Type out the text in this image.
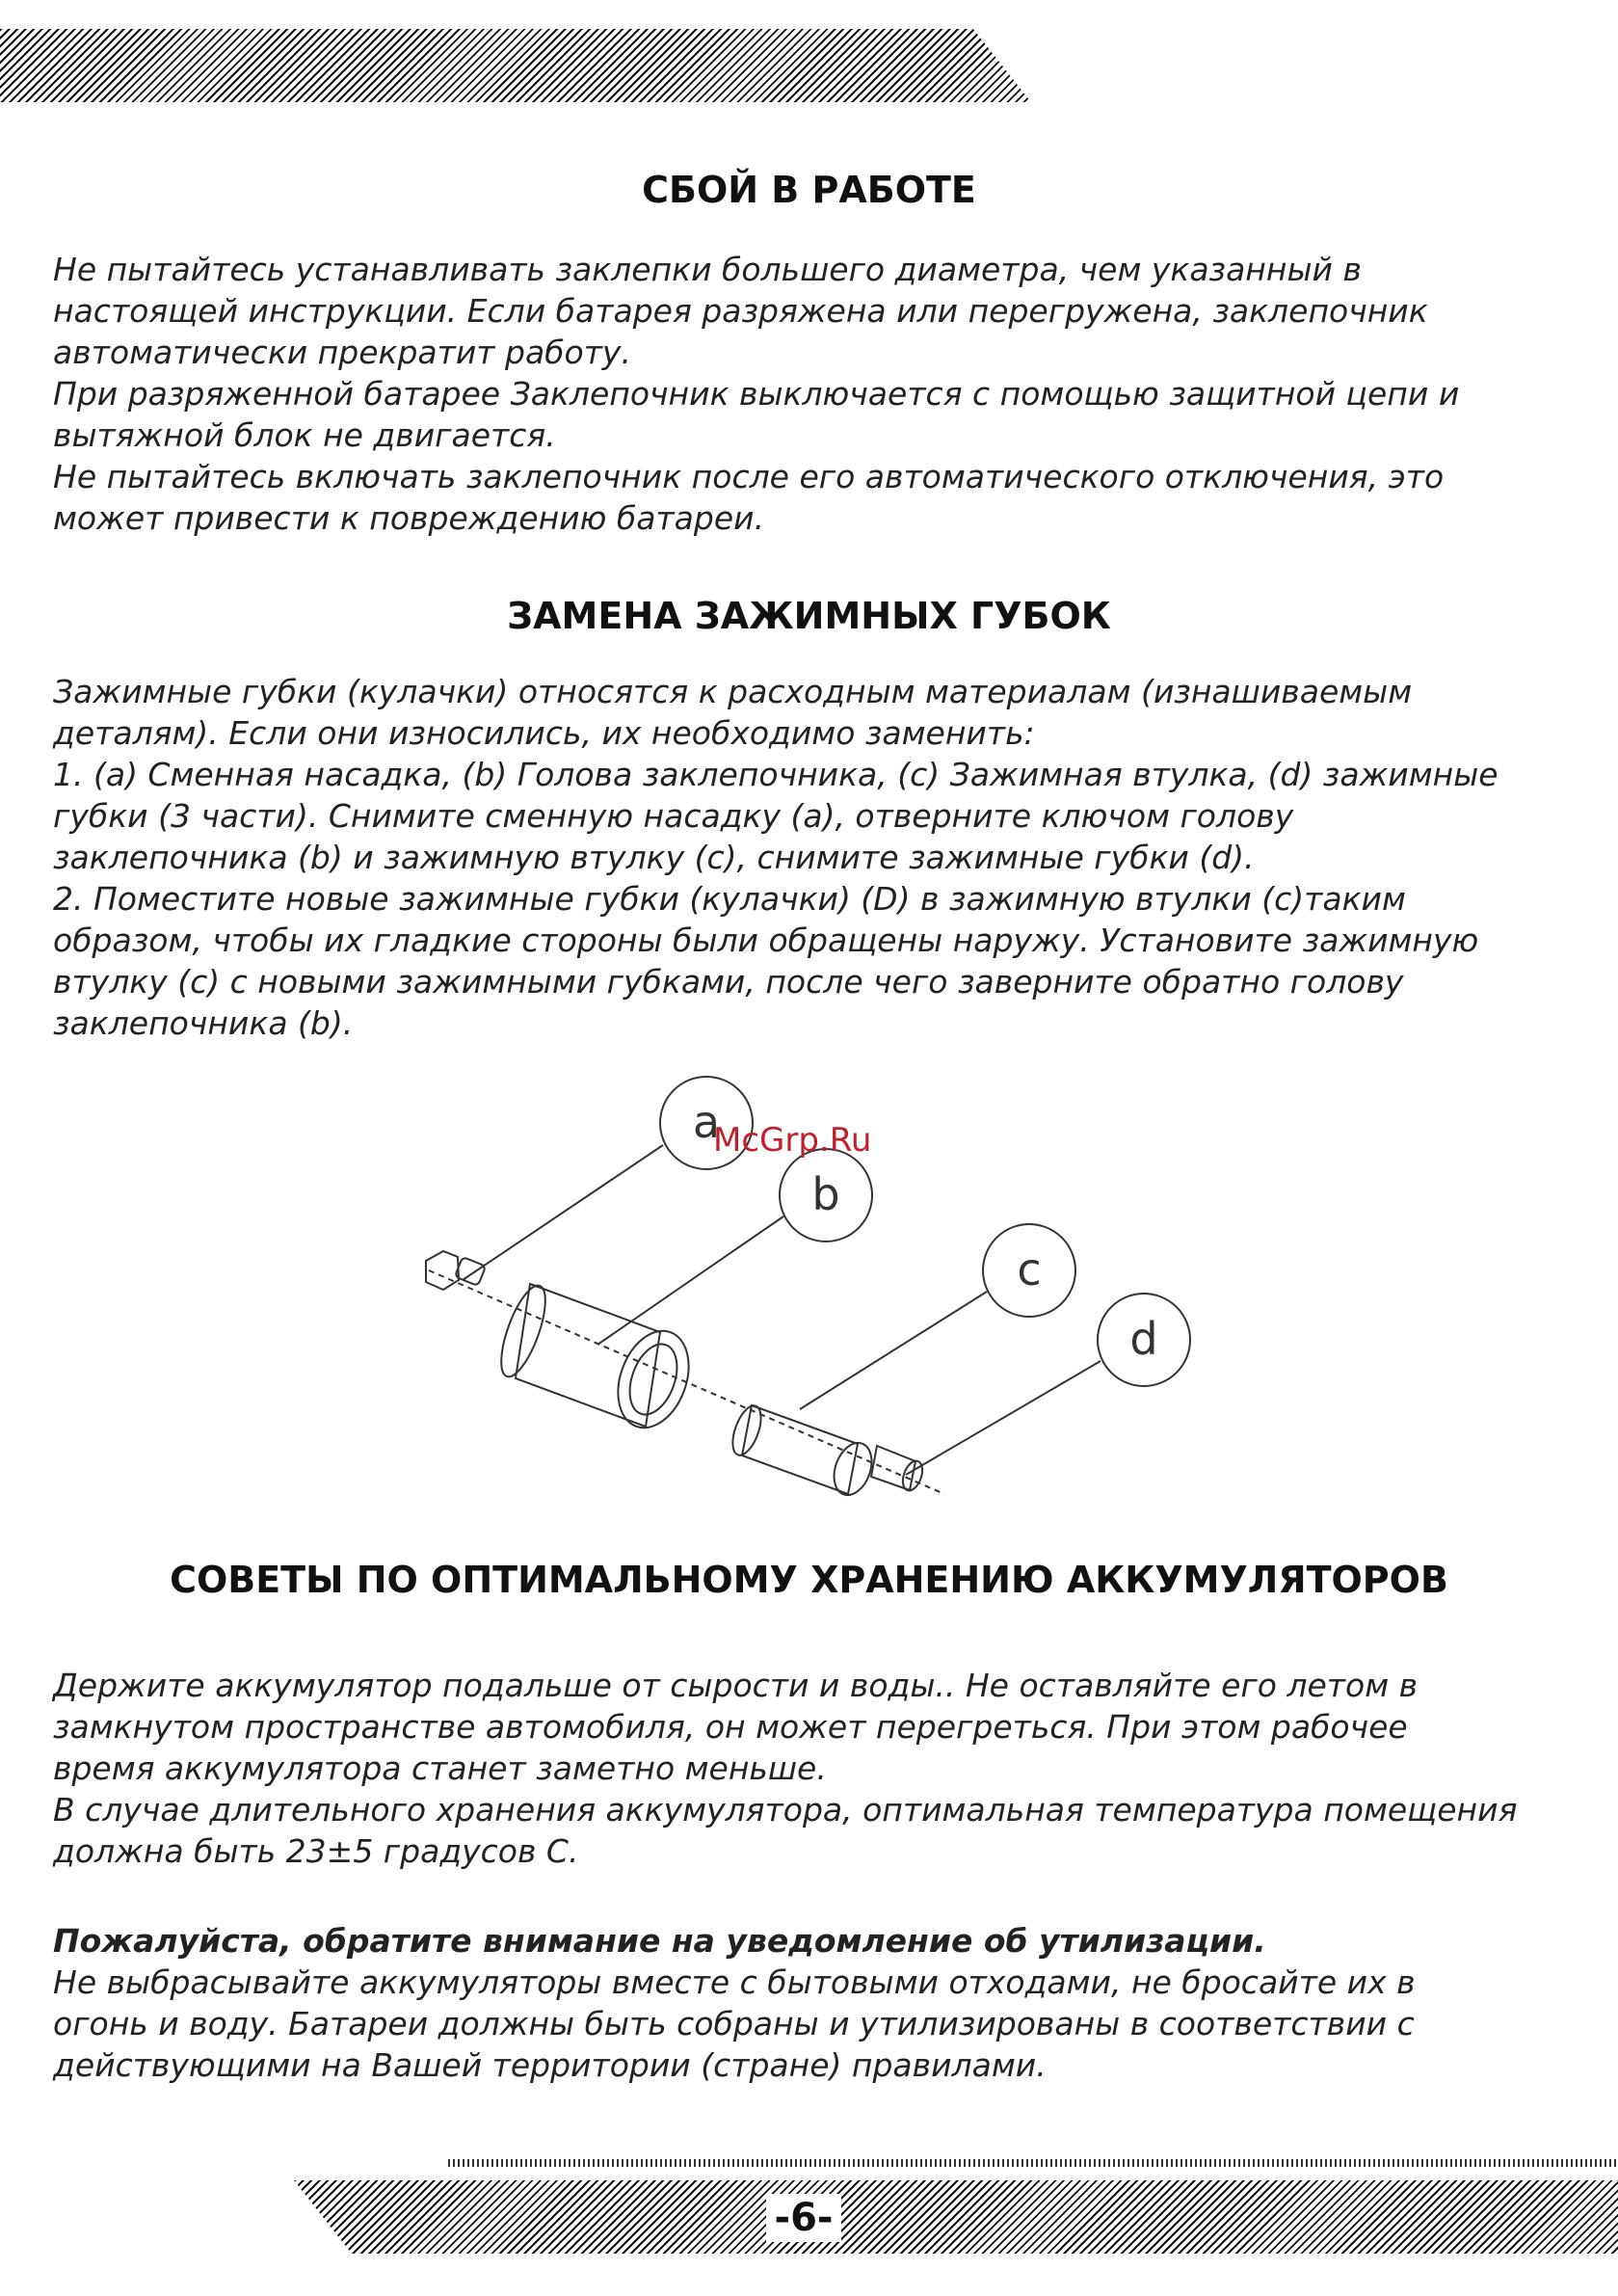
-6-
СБОЙ В РАБОТЕ

Не пытайтесь устанавливать заклепки большего диаметра, чем указанный в

настоящей инструкции. Если батарея разряжена или перегружена, заклепочник

автоматически прекратит работу.

При разряженной батарее Заклепочник выключается с помощью защитной цепи и

вытяжной блок не двигается.

Не пытайтесь включать заклепочник после его автоматического отключения, это

может привести к повреждению батареи.

ЗАМЕНА ЗАЖИМНЫХ ГУБОК

Зажимные губки (кулачки) относятся к расходным материалам (изнашиваемым

деталям). Если они износились, их необходимо заменить:

1. (a) Сменная насадка, (b) Голова заклепочника, (c) Зажимная втулка, (d) зажимные

губки (3 части). Снимите сменную насадку (a), отверните ключом голову

заклепочника (b) и зажимную втулку (c), снимите зажимные губки (d).

2. Поместите новые зажимные губки (кулачки) (D) в зажимную втулки (c)таким

образом, чтобы их гладкие стороны были обращены наружу. Установите зажимную

втулку (c) с новыми зажимными губками, после чего заверните обратно голову

заклепочника (b).

a
b
c
d
McGrp.Ru
СОВЕТЫ ПО ОПТИМАЛЬНОМУ ХРАНЕНИЮ АККУМУЛЯТОРОВ

Держите аккумулятор подальше от сырости и воды.. Не оставляйте его летом в

замкнутом пространстве автомобиля, он может перегреться. При этом рабочее

время аккумулятора станет заметно меньше.

В случае длительного хранения аккумулятора, оптимальная температура помещения

должна быть 23±5 градусов С.

Пожалуйста, обратите внимание на уведомление об утилизации.

Не выбрасывайте аккумуляторы вместе с бытовыми отходами, не бросайте их в

огонь и воду. Батареи должны быть собраны и утилизированы в соответствии с

действующими на Вашей территории (стране) правилами.
